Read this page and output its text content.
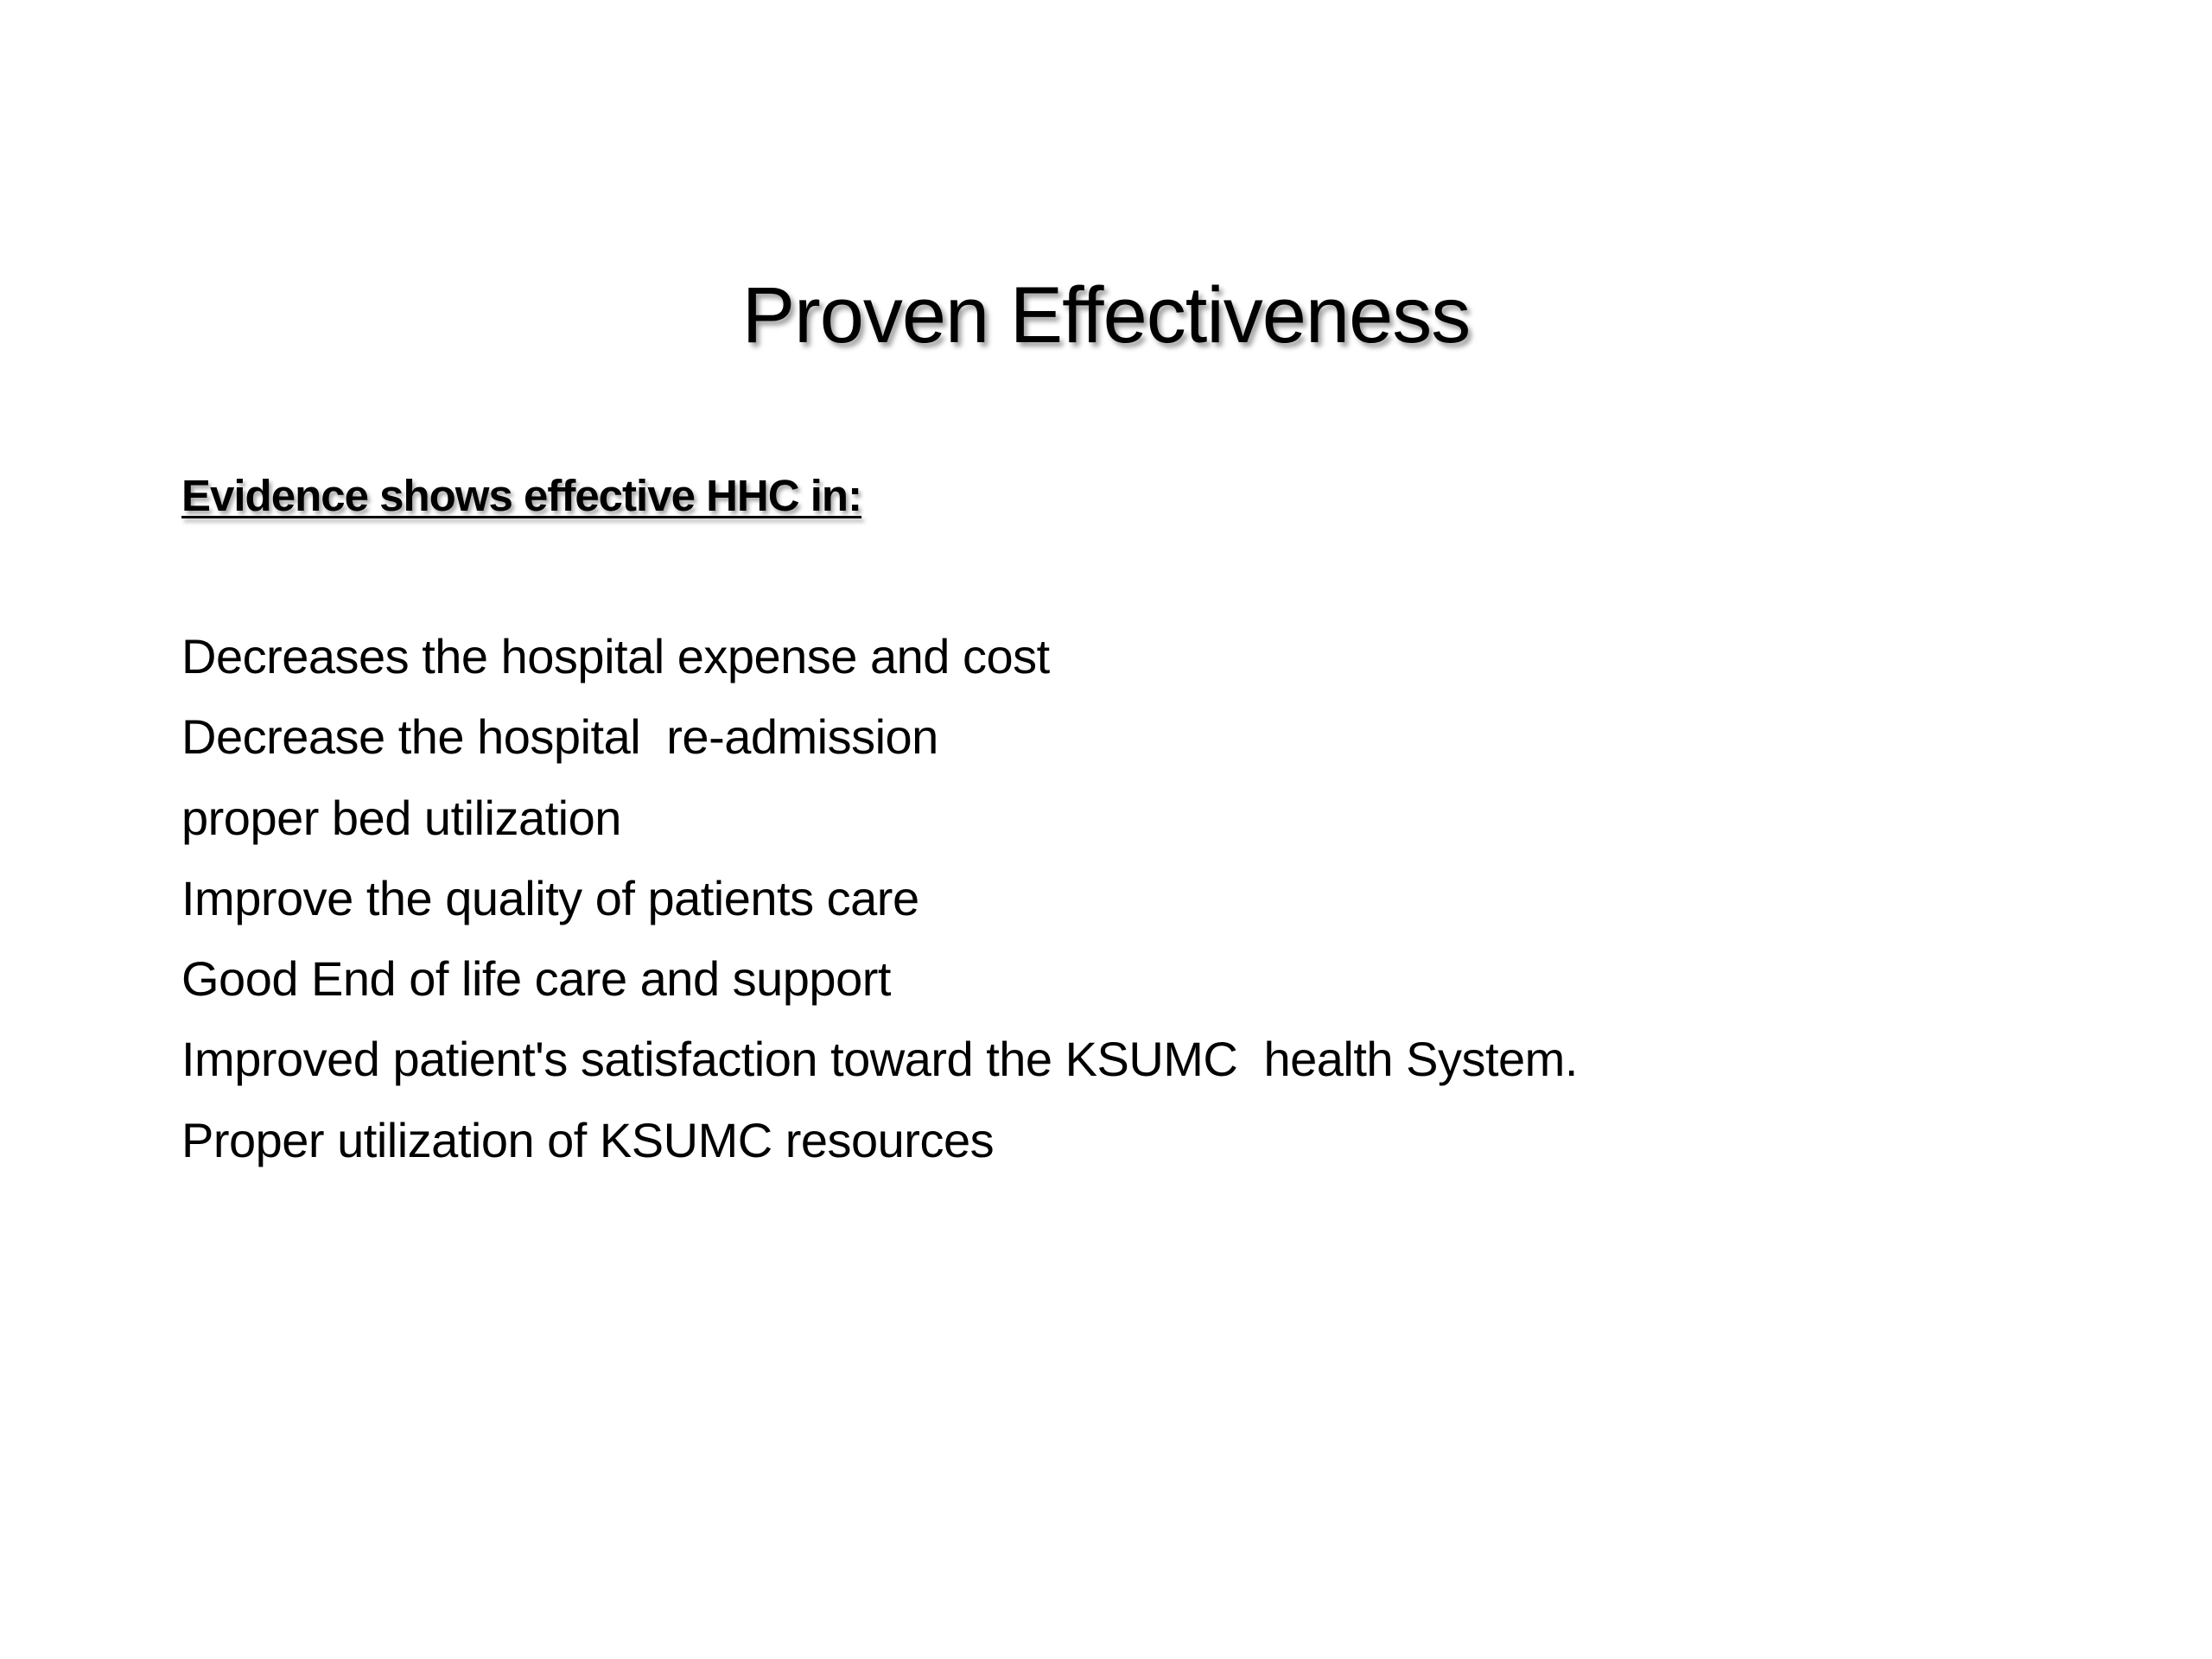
Proven Effectiveness

Evidence shows effective HHC in:

Decreases the hospital expense and cost
Decrease the hospital  re-admission
proper bed utilization
Improve the quality of patients care
Good End of life care and support
Improved patient's satisfaction toward the KSUMC  health System.
Proper utilization of KSUMC resources
